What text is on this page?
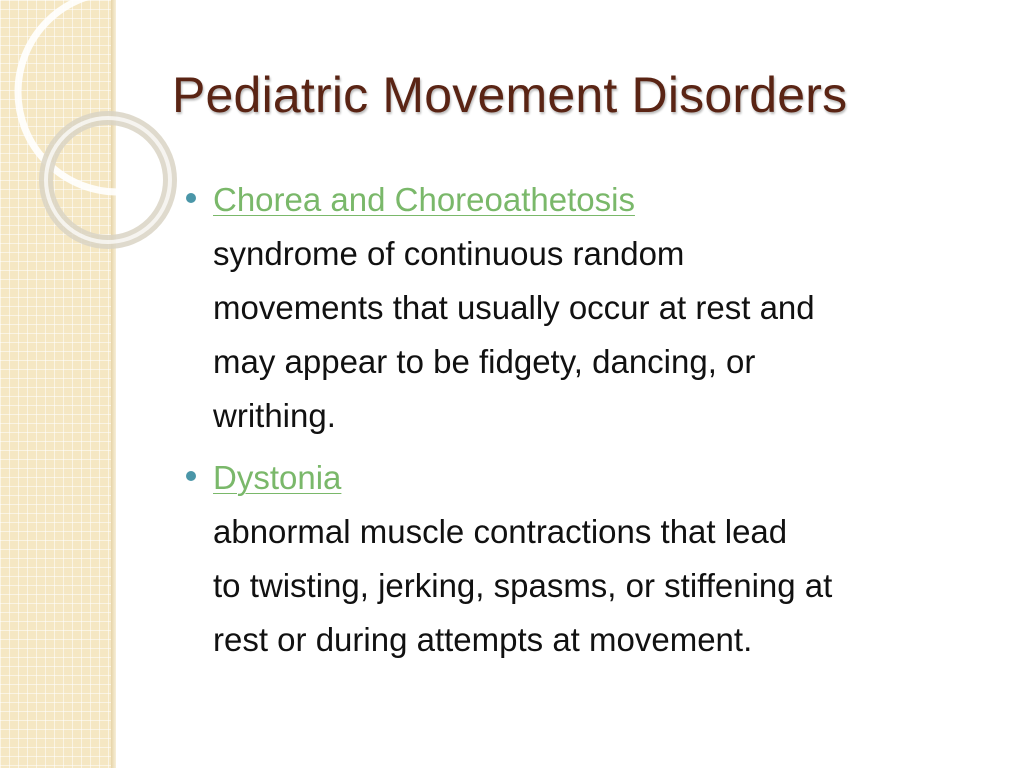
Pediatric Movement Disorders
Chorea and Choreoathetosis
syndrome of continuous random
movements that usually occur at rest and
may appear to be fidgety, dancing, or
writhing.
Dystonia
abnormal muscle contractions that lead
to twisting, jerking, spasms, or stiffening at
rest or during attempts at movement.
